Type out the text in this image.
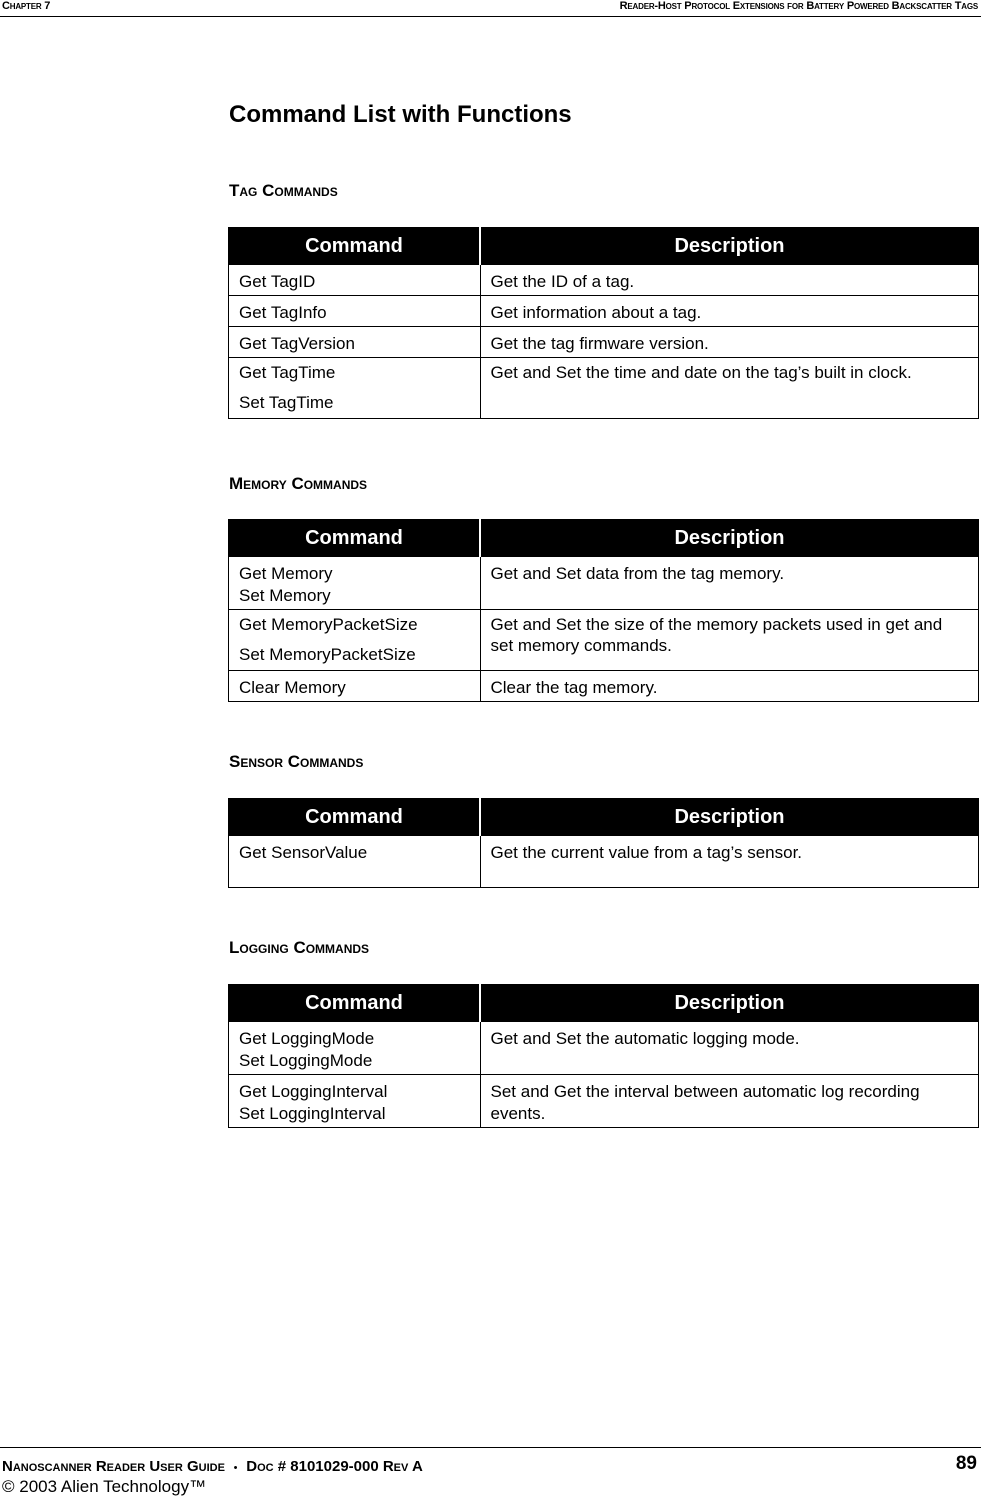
Chapter 7	Reader-Host Protocol Extensions for Battery Powered Backscatter Tags
Command List with Functions
Tag Commands
Command	Description

Get TagID	Get the ID of a tag.

Get TagInfo	Get information about a tag.

Get TagVersion	Get the tag firmware version.

Get TagTime
Set TagTime	Get and Set the time and date on the tag’s built in clock.
Memory Commands
Command	Description

Get Memory
Set Memory	Get and Set data from the tag memory.

Get MemoryPacketSize
Set MemoryPacketSize	Get and Set the size of the memory packets used in get and set memory commands.

Clear Memory	Clear the tag memory.
Sensor Commands
Command	Description

Get SensorValue	Get the current value from a tag’s sensor.
Logging Commands
Command	Description

Get LoggingMode
Set LoggingMode	Get and Set the automatic logging mode.

Get LoggingInterval
Set LoggingInterval	Set and Get the interval between automatic log recording events.
Nanoscanner Reader User Guide • Doc # 8101029-000 Rev A	89
© 2003 Alien Technology™
